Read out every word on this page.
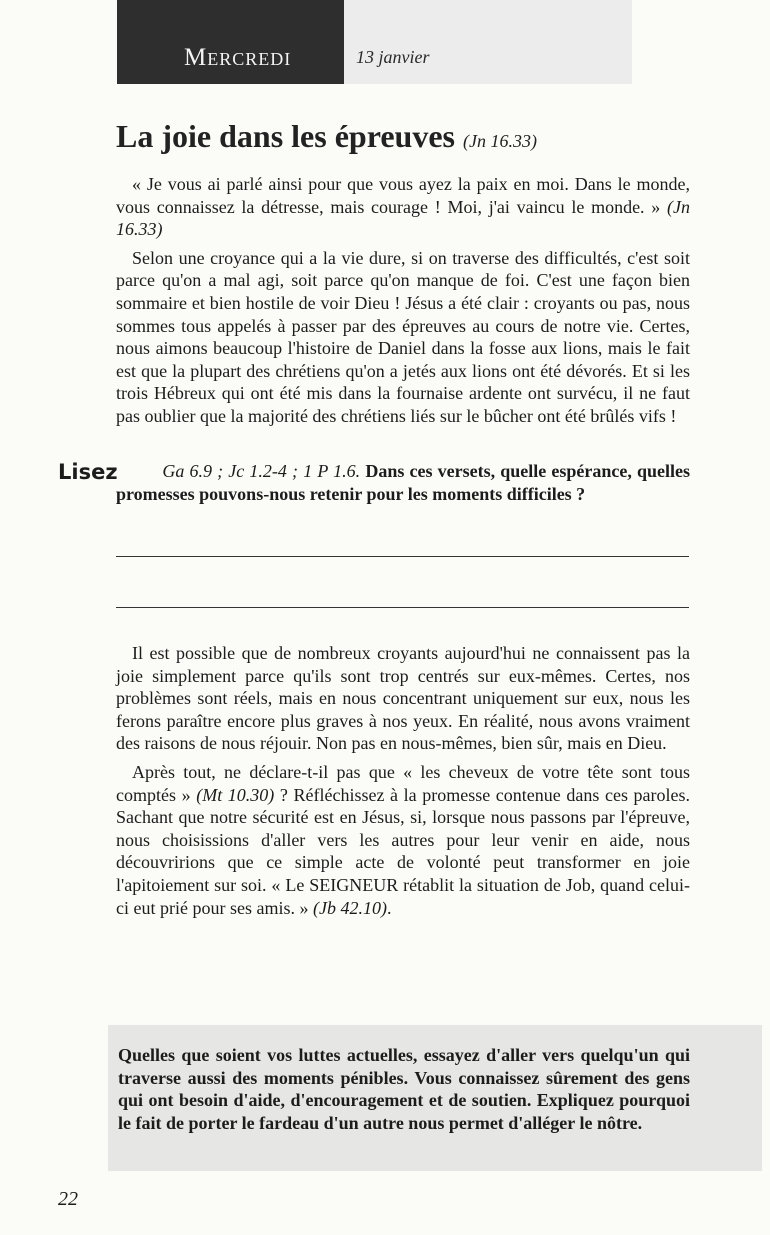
Mercredi	13 janvier
La joie dans les épreuves (Jn 16.33)

« Je vous ai parlé ainsi pour que vous ayez la paix en moi. Dans le monde, vous connaissez la détresse, mais courage ! Moi, j'ai vaincu le monde. » (Jn 16.33)

Selon une croyance qui a la vie dure, si on traverse des difficultés, c'est soit parce qu'on a mal agi, soit parce qu'on manque de foi. C'est une façon bien sommaire et bien hostile de voir Dieu ! Jésus a été clair : croyants ou pas, nous sommes tous appelés à passer par des épreuves au cours de notre vie. Certes, nous aimons beaucoup l'histoire de Daniel dans la fosse aux lions, mais le fait est que la plupart des chrétiens qu'on a jetés aux lions ont été dévorés. Et si les trois Hébreux qui ont été mis dans la fournaise ardente ont survécu, il ne faut pas oublier que la majorité des chrétiens liés sur le bûcher ont été brûlés vifs !

Lisez	Ga 6.9 ; Jc 1.2-4 ; 1 P 1.6. Dans ces versets, quelle espérance, quelles promesses pouvons-nous retenir pour les moments difficiles ?

Il est possible que de nombreux croyants aujourd'hui ne connaissent pas la joie simplement parce qu'ils sont trop centrés sur eux-mêmes. Certes, nos problèmes sont réels, mais en nous concentrant uniquement sur eux, nous les ferons paraître encore plus graves à nos yeux. En réalité, nous avons vraiment des raisons de nous réjouir. Non pas en nous-mêmes, bien sûr, mais en Dieu.

Après tout, ne déclare-t-il pas que « les cheveux de votre tête sont tous comptés » (Mt 10.30) ? Réfléchissez à la promesse contenue dans ces paroles. Sachant que notre sécurité est en Jésus, si, lorsque nous passons par l'épreuve, nous choisissions d'aller vers les autres pour leur venir en aide, nous découvririons que ce simple acte de volonté peut transformer en joie l'apitoiement sur soi. « Le SEIGNEUR rétablit la situation de Job, quand celui-ci eut prié pour ses amis. » (Jb 42.10).

Quelles que soient vos luttes actuelles, essayez d'aller vers quelqu'un qui traverse aussi des moments pénibles. Vous connaissez sûrement des gens qui ont besoin d'aide, d'encouragement et de soutien. Expliquez pourquoi le fait de porter le fardeau d'un autre nous permet d'alléger le nôtre.
22
